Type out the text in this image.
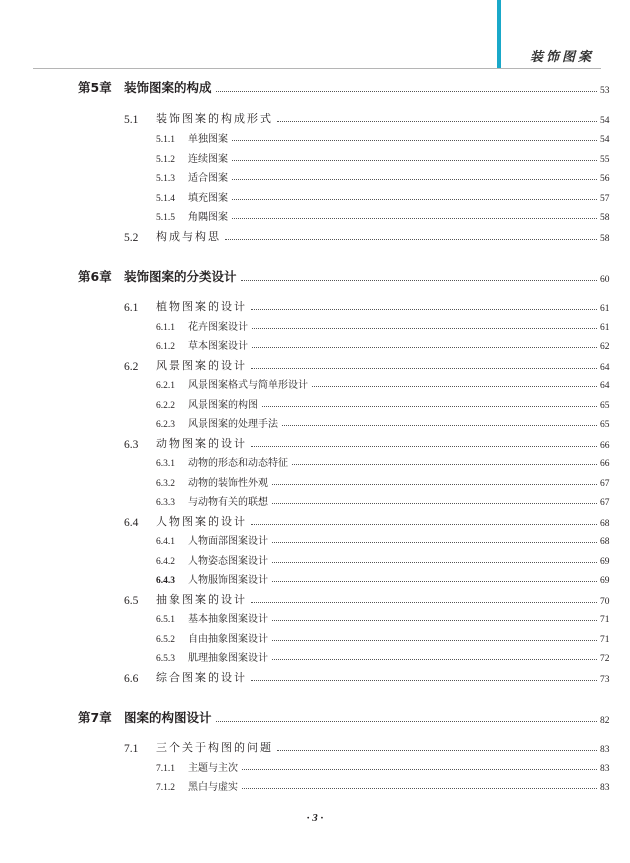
装饰图案
第5章 装饰图案的构成	53
5.1	装饰图案的构成形式	54
5.1.1	单独图案	54
5.1.2	连续图案	55
5.1.3	适合图案	56
5.1.4	填充图案	57
5.1.5	角隅图案	58
5.2	构成与构思	58
第6章 装饰图案的分类设计	60
6.1	植物图案的设计	61
6.1.1	花卉图案设计	61
6.1.2	草本图案设计	62
6.2	风景图案的设计	64
6.2.1	风景图案格式与简单形设计	64
6.2.2	风景图案的构图	65
6.2.3	风景图案的处理手法	65
6.3	动物图案的设计	66
6.3.1	动物的形态和动态特征	66
6.3.2	动物的装饰性外观	67
6.3.3	与动物有关的联想	67
6.4	人物图案的设计	68
6.4.1	人物面部图案设计	68
6.4.2	人物姿态图案设计	69
6.4.3	人物服饰图案设计	69
6.5	抽象图案的设计	70
6.5.1	基本抽象图案设计	71
6.5.2	自由抽象图案设计	71
6.5.3	肌理抽象图案设计	72
6.6	综合图案的设计	73
第7章 图案的构图设计	82
7.1	三个关于构图的问题	83
7.1.1	主题与主次	83
7.1.2	黑白与虚实	83
· 3 ·
